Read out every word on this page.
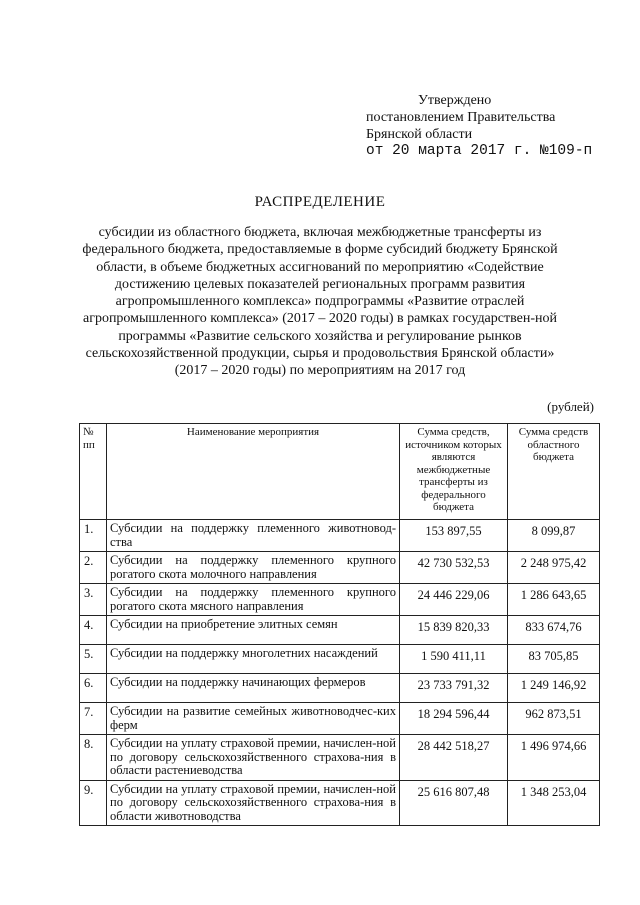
Утверждено
постановлением Правительства
Брянской области
от 20 марта 2017 г. №109-п
РАСПРЕДЕЛЕНИЕ
субсидии из областного бюджета, включая межбюджетные трансферты из федерального бюджета, предоставляемые в форме субсидий бюджету Брянской области, в объеме бюджетных ассигнований по мероприятию «Содействие достижению целевых показателей региональных программ развития агропромышленного комплекса» подпрограммы «Развитие отраслей агропромышленного комплекса» (2017 – 2020 годы) в рамках государствен-ной программы «Развитие сельского хозяйства и регулирование рынков сельскохозяйственной продукции, сырья и продовольствия Брянской области» (2017 – 2020 годы) по мероприятиям на 2017 год
(рублей)
№ пп	Наименование мероприятия	Сумма средств, источником которых являются межбюджетные трансферты из федерального бюджета	Сумма средств областного бюджета
1.	Субсидии на поддержку племенного животновод-ства	153 897,55	8 099,87
2.	Субсидии на поддержку племенного крупного рогатого скота молочного направления	42 730 532,53	2 248 975,42
3.	Субсидии на поддержку племенного крупного рогатого скота мясного направления	24 446 229,06	1 286 643,65
4.	Субсидии на приобретение элитных семян	15 839 820,33	833 674,76
5.	Субсидии на поддержку многолетних насаждений	1 590 411,11	83 705,85
6.	Субсидии на поддержку начинающих фермеров	23 733 791,32	1 249 146,92
7.	Субсидии на развитие семейных животноводчес-ких ферм	18 294 596,44	962 873,51
8.	Субсидии на уплату страховой премии, начислен-ной по договору сельскохозяйственного страхова-ния в области растениеводства	28 442 518,27	1 496 974,66
9.	Субсидии на уплату страховой премии, начислен-ной по договору сельскохозяйственного страхова-ния в области животноводства	25 616 807,48	1 348 253,04
